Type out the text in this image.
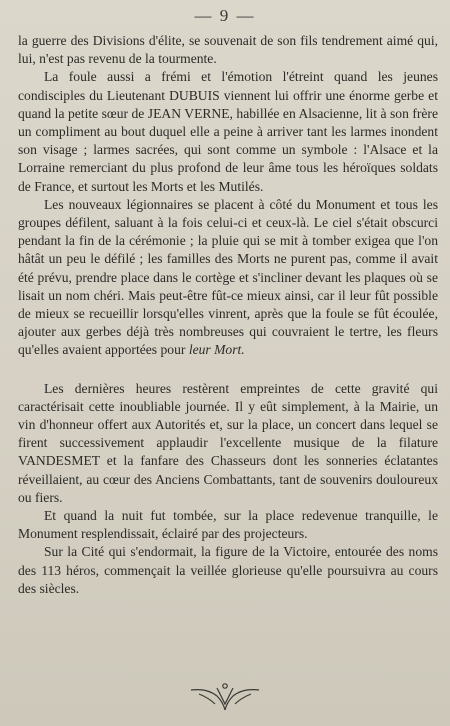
— 9 —

la guerre des Divisions d'élite, se souvenait de son fils tendrement aimé qui, lui, n'est pas revenu de la tourmente.

La foule aussi a frémi et l'émotion l'étreint quand les jeunes condisciples du Lieutenant DUBUIS viennent lui offrir une énorme gerbe et quand la petite sœur de JEAN VERNE, habillée en Alsacienne, lit à son frère un compliment au bout duquel elle a peine à arriver tant les larmes inondent son visage ; larmes sacrées, qui sont comme un symbole : l'Alsace et la Lorraine remerciant du plus profond de leur âme tous les héroïques soldats de France, et surtout les Morts et les Mutilés.

Les nouveaux légionnaires se placent à côté du Monument et tous les groupes défilent, saluant à la fois celui-ci et ceux-là. Le ciel s'était obscurci pendant la fin de la cérémonie ; la pluie qui se mit à tomber exigea que l'on hâtât un peu le défilé ; les familles des Morts ne purent pas, comme il avait été prévu, prendre place dans le cortège et s'incliner devant les plaques où se lisait un nom chéri. Mais peut-être fût-ce mieux ainsi, car il leur fût possible de mieux se recueillir lorsqu'elles vinrent, après que la foule se fût écoulée, ajouter aux gerbes déjà très nombreuses qui couvraient le tertre, les fleurs qu'elles avaient apportées pour leur Mort.

Les dernières heures restèrent empreintes de cette gravité qui caractérisait cette inoubliable journée. Il y eût simplement, à la Mairie, un vin d'honneur offert aux Autorités et, sur la place, un concert dans lequel se firent successivement applaudir l'excellente musique de la filature VANDESMET et la fanfare des Chasseurs dont les sonneries éclatantes réveillaient, au cœur des Anciens Combattants, tant de souvenirs douloureux ou fiers.

Et quand la nuit fut tombée, sur la place redevenue tranquille, le Monument resplendissait, éclairé par des projecteurs.

Sur la Cité qui s'endormait, la figure de la Victoire, entourée des noms des 113 héros, commençait la veillée glorieuse qu'elle poursuivra au cours des siècles.
